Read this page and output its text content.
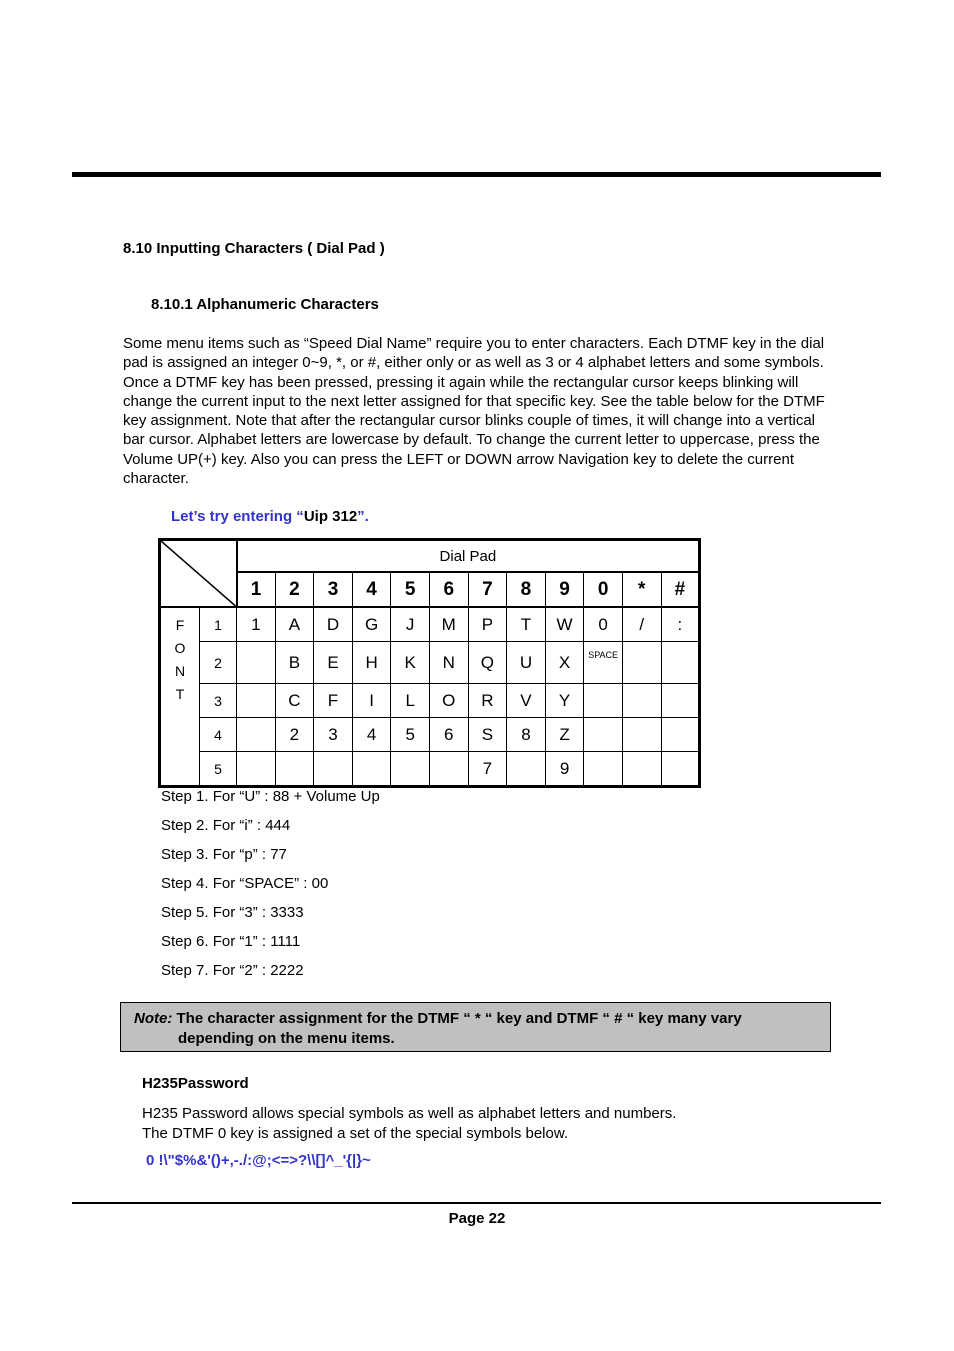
8.10 Inputting Characters ( Dial Pad )
8.10.1 Alphanumeric Characters
Some menu items such as “Speed Dial Name” require you to enter characters. Each DTMF key in the dial pad is assigned an integer 0~9, *, or #, either only or as well as 3 or 4 alphabet letters and some symbols. Once a DTMF key has been pressed, pressing it again while the rectangular cursor keeps blinking will change the current input to the next letter assigned for that specific key. See the table below for the DTMF key assignment. Note that after the rectangular cursor blinks couple of times, it will change into a vertical bar cursor. Alphabet letters are lowercase by default. To change the current letter to uppercase, press the Volume UP(+) key. Also you can press the LEFT or DOWN arrow Navigation key to delete the current character.
Let’s try entering “Uip 312”.
	Dial Pad											
		1	2	3	4	5	6	7	8	9	0	*	#

F
O
N
T	1	1	A	D	G	J	M	P	T	W	0	/	:
	2		B	E	H	K	N	Q	U	X	SPACE		
	3		C	F	I	L	O	R	V	Y			
	4		2	3	4	5	6	S	8	Z			
	5							7		9			
Step 1. For “U” : 88 + Volume Up
Step 2. For “i” : 444
Step 3. For “p” : 77
Step 4. For “SPACE” : 00
Step 5. For “3” : 3333
Step 6. For “1” : 1111
Step 7. For “2” : 2222
Note: The character assignment for the DTMF “ * “ key and DTMF “ # “ key many vary
depending on the menu items.
H235Password
H235 Password allows special symbols as well as alphabet letters and numbers.
The DTMF 0 key is assigned a set of the special symbols below.
0 !\"$%&'()+,-./:@;<=>?\\[]^_'{|}~
Page 22
